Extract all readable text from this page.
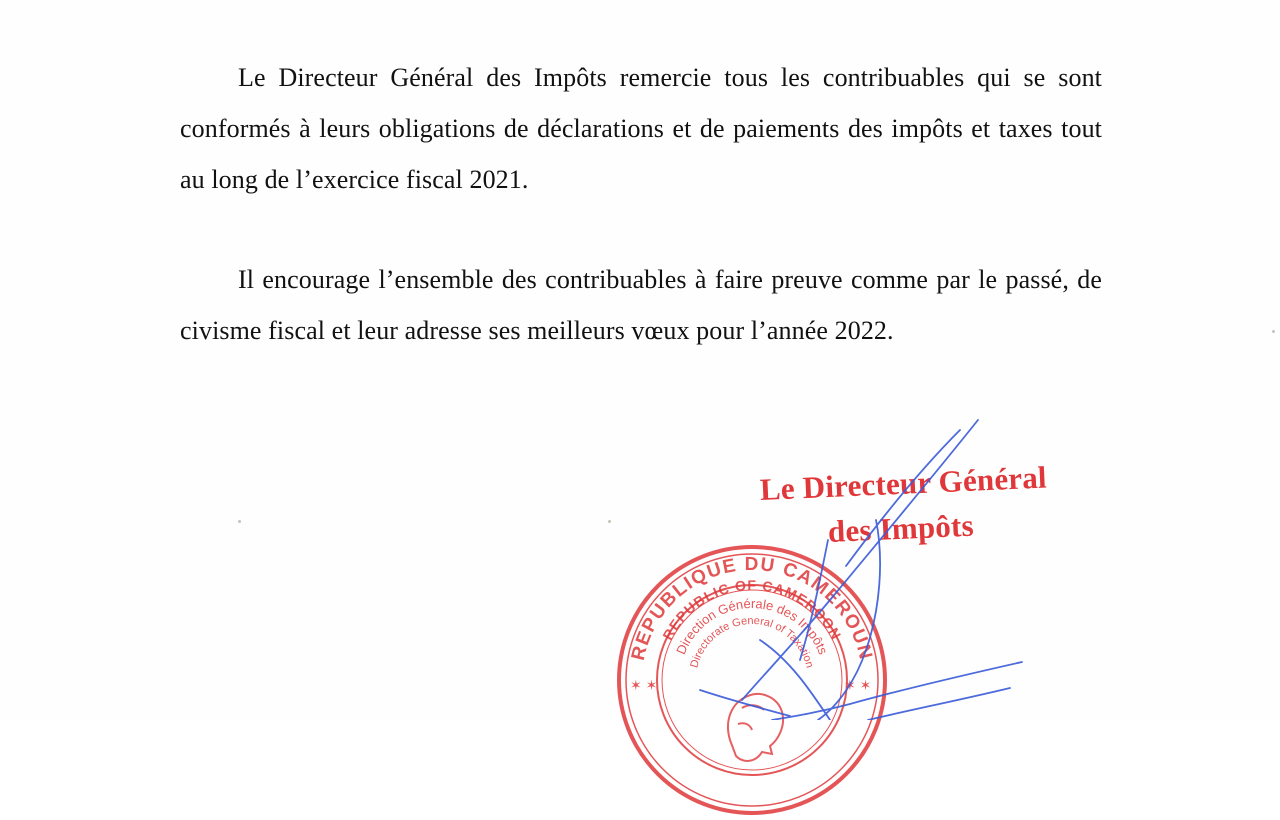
Le Directeur Général des Impôts remercie tous les contribuables qui se sont conformés à leurs obligations de déclarations et de paiements des impôts et taxes tout au long de l’exercice fiscal 2021.

Il encourage l’ensemble des contribuables à faire preuve comme par le passé, de civisme fiscal et leur adresse ses meilleurs vœux pour l’année 2022.

Le Directeur Général
des Impôts
REPUBLIQUE DU CAMEROUN
REPUBLIC OF CAMEROON
Direction Générale des Impôts
Directorate General of Taxation
✶ ✶	✶ ✶
